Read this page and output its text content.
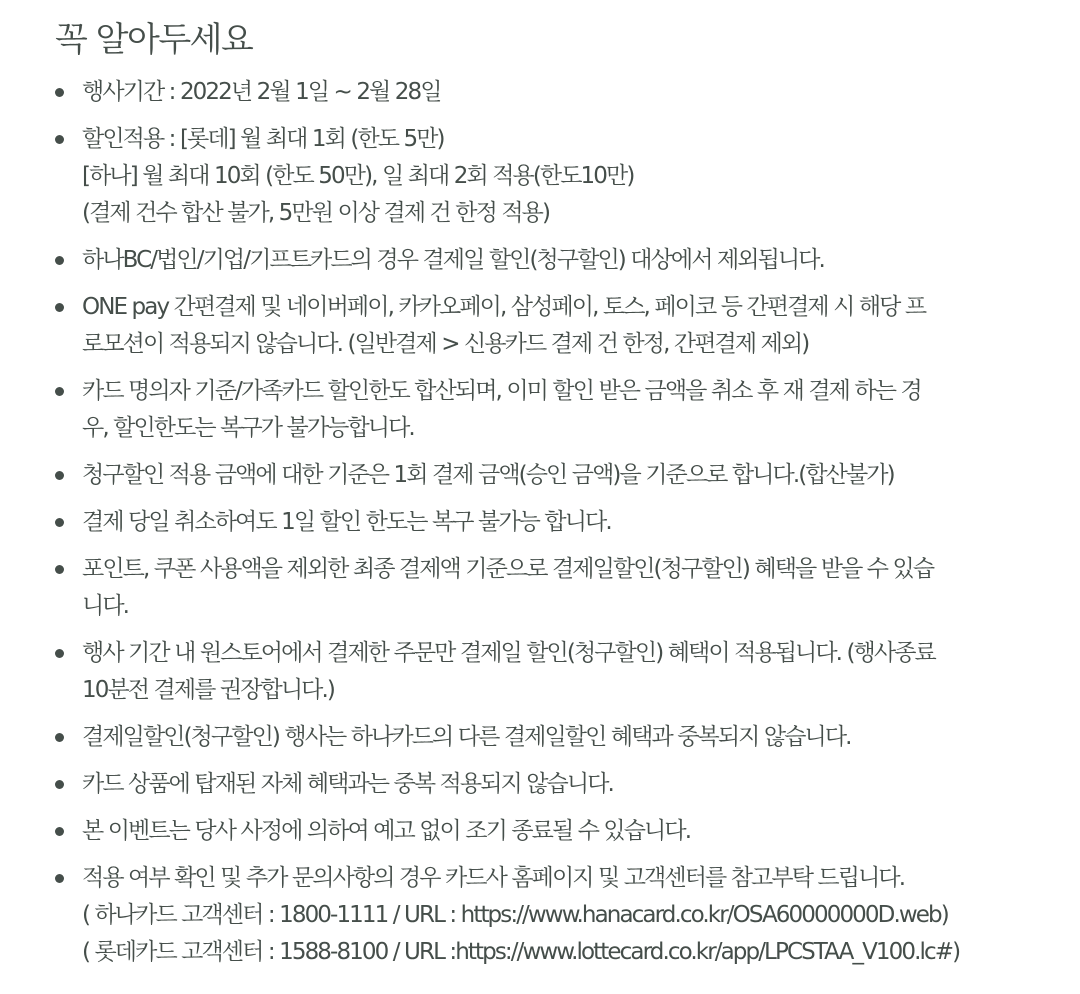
꼭 알아두세요
행사기간 : 2022년 2월 1일 ~ 2월 28일
할인적용 : [롯데] 월 최대 1회 (한도 5만)
[하나] 월 최대 10회 (한도 50만), 일 최대 2회 적용(한도10만)
(결제 건수 합산 불가, 5만원 이상 결제 건 한정 적용)
하나BC/법인/기업/기프트카드의 경우 결제일 할인(청구할인) 대상에서 제외됩니다.
ONE pay 간편결제 및 네이버페이, 카카오페이, 삼성페이, 토스, 페이코 등 간편결제 시 해당 프
로모션이 적용되지 않습니다. (일반결제 > 신용카드 결제 건 한정, 간편결제 제외)
카드 명의자 기준/가족카드 할인한도 합산되며, 이미 할인 받은 금액을 취소 후 재 결제 하는 경
우, 할인한도는 복구가 불가능합니다.
청구할인 적용 금액에 대한 기준은 1회 결제 금액(승인 금액)을 기준으로 합니다.(합산불가)
결제 당일 취소하여도 1일 할인 한도는 복구 불가능 합니다.
포인트, 쿠폰 사용액을 제외한 최종 결제액 기준으로 결제일할인(청구할인) 혜택을 받을 수 있습
니다.
행사 기간 내 원스토어에서 결제한 주문만 결제일 할인(청구할인) 혜택이 적용됩니다. (행사종료
10분전 결제를 권장합니다.)
결제일할인(청구할인) 행사는 하나카드의 다른 결제일할인 혜택과 중복되지 않습니다.
카드 상품에 탑재된 자체 혜택과는 중복 적용되지 않습니다.
본 이벤트는 당사 사정에 의하여 예고 없이 조기 종료될 수 있습니다.
적용 여부 확인 및 추가 문의사항의 경우 카드사 홈페이지 및 고객센터를 참고부탁 드립니다.
( 하나카드 고객센터 : 1800-1111 / URL : https://www.hanacard.co.kr/OSA60000000D.web)
( 롯데카드 고객센터 : 1588-8100 / URL :https://www.lottecard.co.kr/app/LPCSTAA_V100.lc#)
